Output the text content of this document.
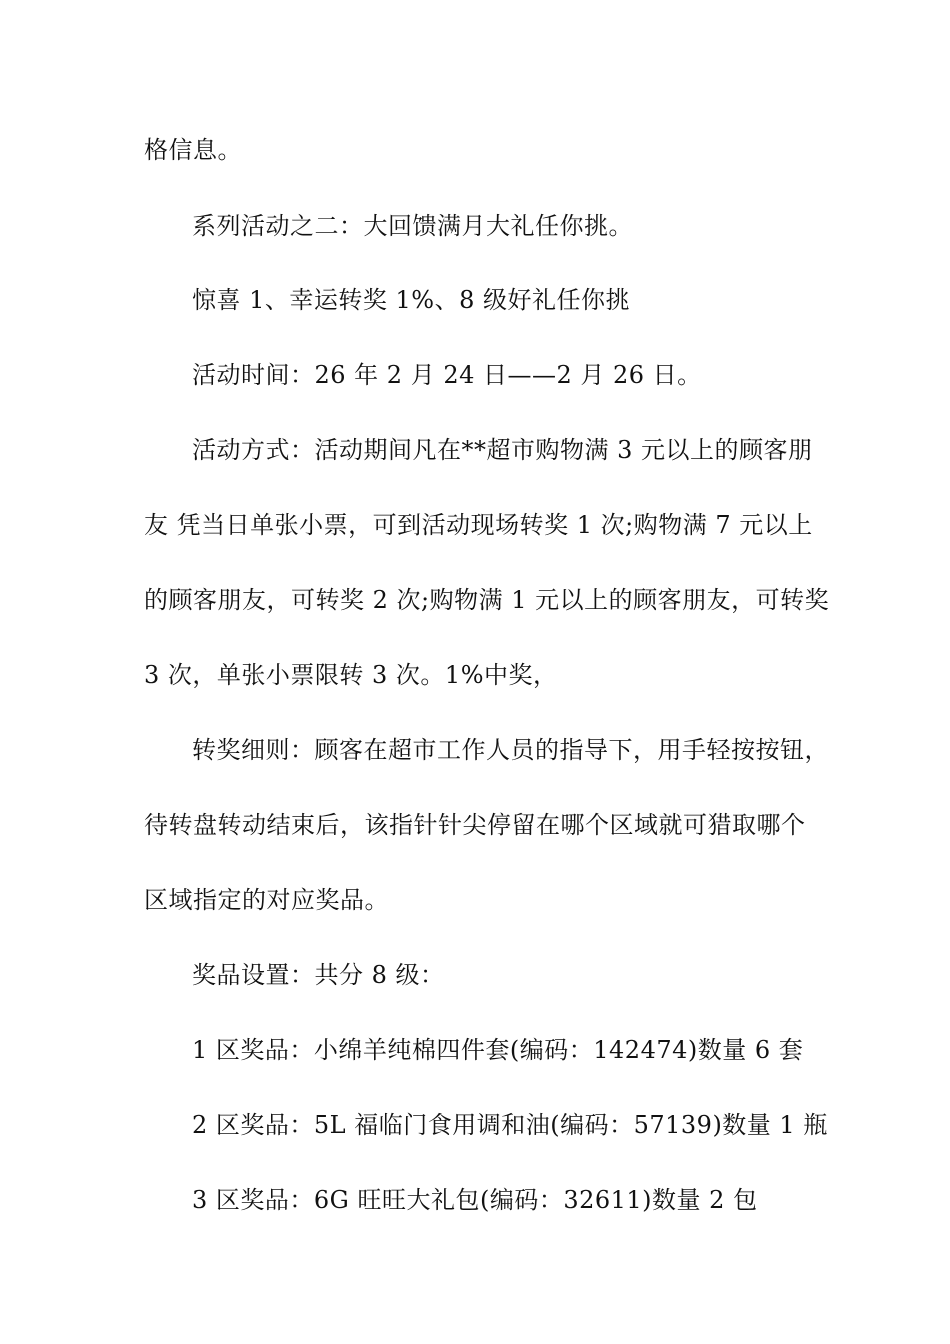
格信息。
系列活动之二：大回馈满月大礼任你挑。
惊喜 1、幸运转奖 1%、8 级好礼任你挑
活动时间：26 年 2 月 24 日——2 月 26 日。
活动方式：活动期间凡在**超市购物满 3 元以上的顾客朋
友 凭当日单张小票，可到活动现场转奖 1 次;购物满 7 元以上
的顾客朋友，可转奖 2 次;购物满 1 元以上的顾客朋友，可转奖
3 次，单张小票限转 3 次。1%中奖，
转奖细则：顾客在超市工作人员的指导下，用手轻按按钮，
待转盘转动结束后，该指针针尖停留在哪个区域就可猎取哪个
区域指定的对应奖品。
奖品设置：共分 8 级：
1 区奖品：小绵羊纯棉四件套(编码：142474)数量 6 套
2 区奖品：5L 福临门食用调和油(编码：57139)数量 1 瓶
3 区奖品：6G 旺旺大礼包(编码：32611)数量 2 包
